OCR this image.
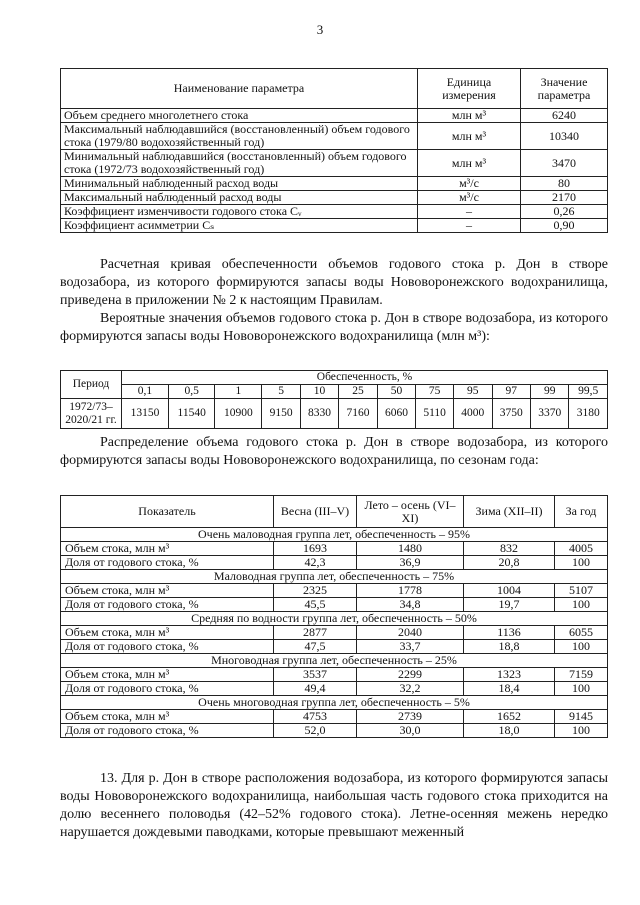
3
Наименование параметра	Единица измерения	Значение параметра
Объем среднего многолетнего стока	млн м³	6240
Максимальный наблюдавшийся (восстановленный) объем годового стока (1979/80 водохозяйственный год)	млн м³	10340
Минимальный наблюдавшийся (восстановленный) объем годового стока (1972/73 водохозяйственный год)	млн м³	3470
Минимальный наблюденный расход воды	м³/с	80
Максимальный наблюденный расход воды	м³/с	2170
Коэффициент изменчивости годового стока Cᵥ	–	0,26
Коэффициент асимметрии Cₛ	–	0,90
Расчетная кривая обеспеченности объемов годового стока р. Дон в створе водозабора, из которого формируются запасы воды Нововоронежского водохранилища, приведена в приложении № 2 к настоящим Правилам.
Вероятные значения объемов годового стока р. Дон в створе водозабора, из которого формируются запасы воды Нововоронежского водохранилища (млн м³):
Период	Обеспеченность, %											
	0,1	0,5	1	5	10	25	50	75	95	97	99	99,5
1972/73– 2020/21 гг.	13150	11540	10900	9150	8330	7160	6060	5110	4000	3750	3370	3180
Распределение объема годового стока р. Дон в створе водозабора, из которого формируются запасы воды Нововоронежского водохранилища, по сезонам года:
Показатель	Весна (III–V)	Лето – осень (VI–XI)	Зима (XII–II)	За год
Очень маловодная группа лет, обеспеченность – 95%				
Объем стока, млн м³	1693	1480	832	4005
Доля от годового стока, %	42,3	36,9	20,8	100
Маловодная группа лет, обеспеченность – 75%				
Объем стока, млн м³	2325	1778	1004	5107
Доля от годового стока, %	45,5	34,8	19,7	100
Средняя по водности группа лет, обеспеченность – 50%				
Объем стока, млн м³	2877	2040	1136	6055
Доля от годового стока, %	47,5	33,7	18,8	100
Многоводная группа лет, обеспеченность – 25%				
Объем стока, млн м³	3537	2299	1323	7159
Доля от годового стока, %	49,4	32,2	18,4	100
Очень многоводная группа лет, обеспеченность – 5%				
Объем стока, млн м³	4753	2739	1652	9145
Доля от годового стока, %	52,0	30,0	18,0	100
13. Для р. Дон в створе расположения водозабора, из которого формируются запасы воды Нововоронежского водохранилища, наибольшая часть годового стока приходится на долю весеннего половодья (42–52% годового стока). Летне-осенняя межень нередко нарушается дождевыми паводками, которые превышают меженный
